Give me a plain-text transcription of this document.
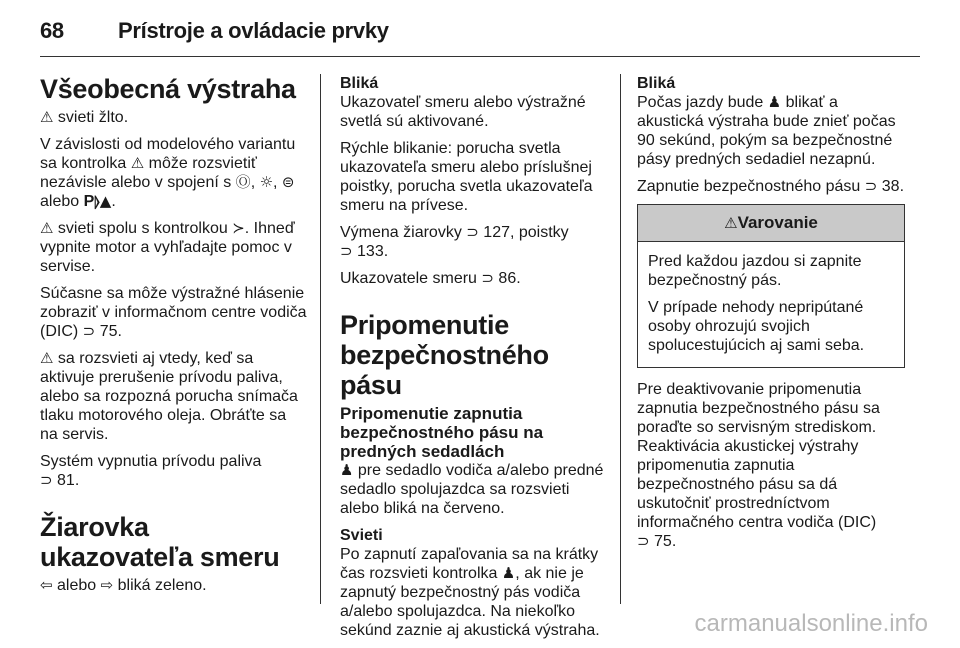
68 Prístroje a ovládacie prvky
Všeobecná výstraha

⚠ svieti žlto.

V závislosti od modelového variantu sa kontrolka ⚠ môže rozsvietiť nezávisle alebo v spojení s Ⓞ, ☼, ⊜ alebo P⦊▲.

⚠ svieti spolu s kontrolkou ≻. Ihneď vypnite motor a vyhľadajte pomoc v servise.

Súčasne sa môže výstražné hlásenie zobraziť v informačnom centre vodiča (DIC) ⊃ 75.

⚠ sa rozsvieti aj vtedy, keď sa aktivuje prerušenie prívodu paliva, alebo sa rozpozná porucha snímača tlaku motorového oleja. Obráťte sa na servis.

Systém vypnutia prívodu paliva
⊃ 81.

Žiarovka ukazovateľa smeru

⇦ alebo ⇨ bliká zeleno.

Bliká

Ukazovateľ smeru alebo výstražné svetlá sú aktivované.

Rýchle blikanie: porucha svetla ukazovateľa smeru alebo príslušnej poistky, porucha svetla ukazovateľa smeru na prívese.

Výmena žiarovky ⊃ 127, poistky
⊃ 133.

Ukazovatele smeru ⊃ 86.

Pripomenutie bezpečnostného pásu
Pripomenutie zapnutia bezpečnostného pásu na predných sedadlách

♟ pre sedadlo vodiča a/alebo predné sedadlo spolujazdca sa rozsvieti alebo bliká na červeno.

Svieti

Po zapnutí zapaľovania sa na krátky čas rozsvieti kontrolka ♟, ak nie je zapnutý bezpečnostný pás vodiča a/alebo spolujazdca. Na niekoľko sekúnd zaznie aj akustická výstraha.

Bliká

Počas jazdy bude ♟ blikať a akustická výstraha bude znieť počas 90 sekúnd, pokým sa bezpečnostné pásy predných sedadiel nezapnú.

Zapnutie bezpečnostného pásu ⊃ 38.

⚠Varovanie

Pred každou jazdou si zapnite bezpečnostný pás.

V prípade nehody nepripútané osoby ohrozujú svojich spolucestujúcich aj sami seba.

Pre deaktivovanie pripomenutia zapnutia bezpečnostného pásu sa poraďte so servisným strediskom. Reaktivácia akustickej výstrahy pripomenutia zapnutia bezpečnostného pásu sa dá uskutočniť prostredníctvom informačného centra vodiča (DIC)
⊃ 75.

carmanualsonline.info
